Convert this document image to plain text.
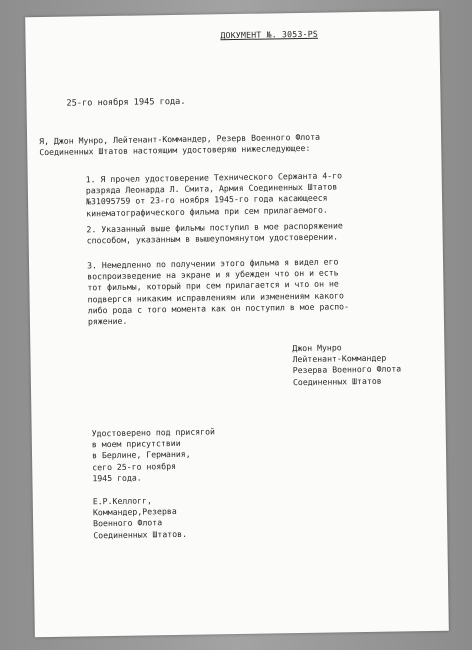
ДОКУМЕНТ №. 3053-РS
25-го ноября 1945 года.
Я, Джон Мунро, Лейтенант-Коммандер, Резерв Военного Флота
Соединенных Штатов настоящим удостоверяю нижеследующее:
1. Я прочел удостоверение Технического Сержанта 4-го
разряда Леонарда Л. Смита, Армия Соединенных Штатов
№31095759 от 23-го ноября 1945-го года касающееся
кинематографического фильма при сем прилагаемого.
2. Указанный выше фильмы поступил в мое распоряжение
способом, указанным в вышеупомянутом удостоверении.
3. Немедленно по получении этого фильма я видел его
воспроизведение на экране и я убежден что он и есть
тот фильмы, который при сем прилагается и что он не
подвергся никаким исправлениям или изменениям какого
либо рода с того момента как он поступил в мое распо-
ряжение.
Джон Мунро
Лейтенант-Коммандер
Резерва Военного Флота
Соединенных Штатов
Удостоверено под присягой
в моем присутствии
в Берлине, Германия,
сего 25-го ноября
1945 года.
Е.Р.Келлогг,
Коммандер,Резерва
Военного Флота
Соединенных Штатов.
